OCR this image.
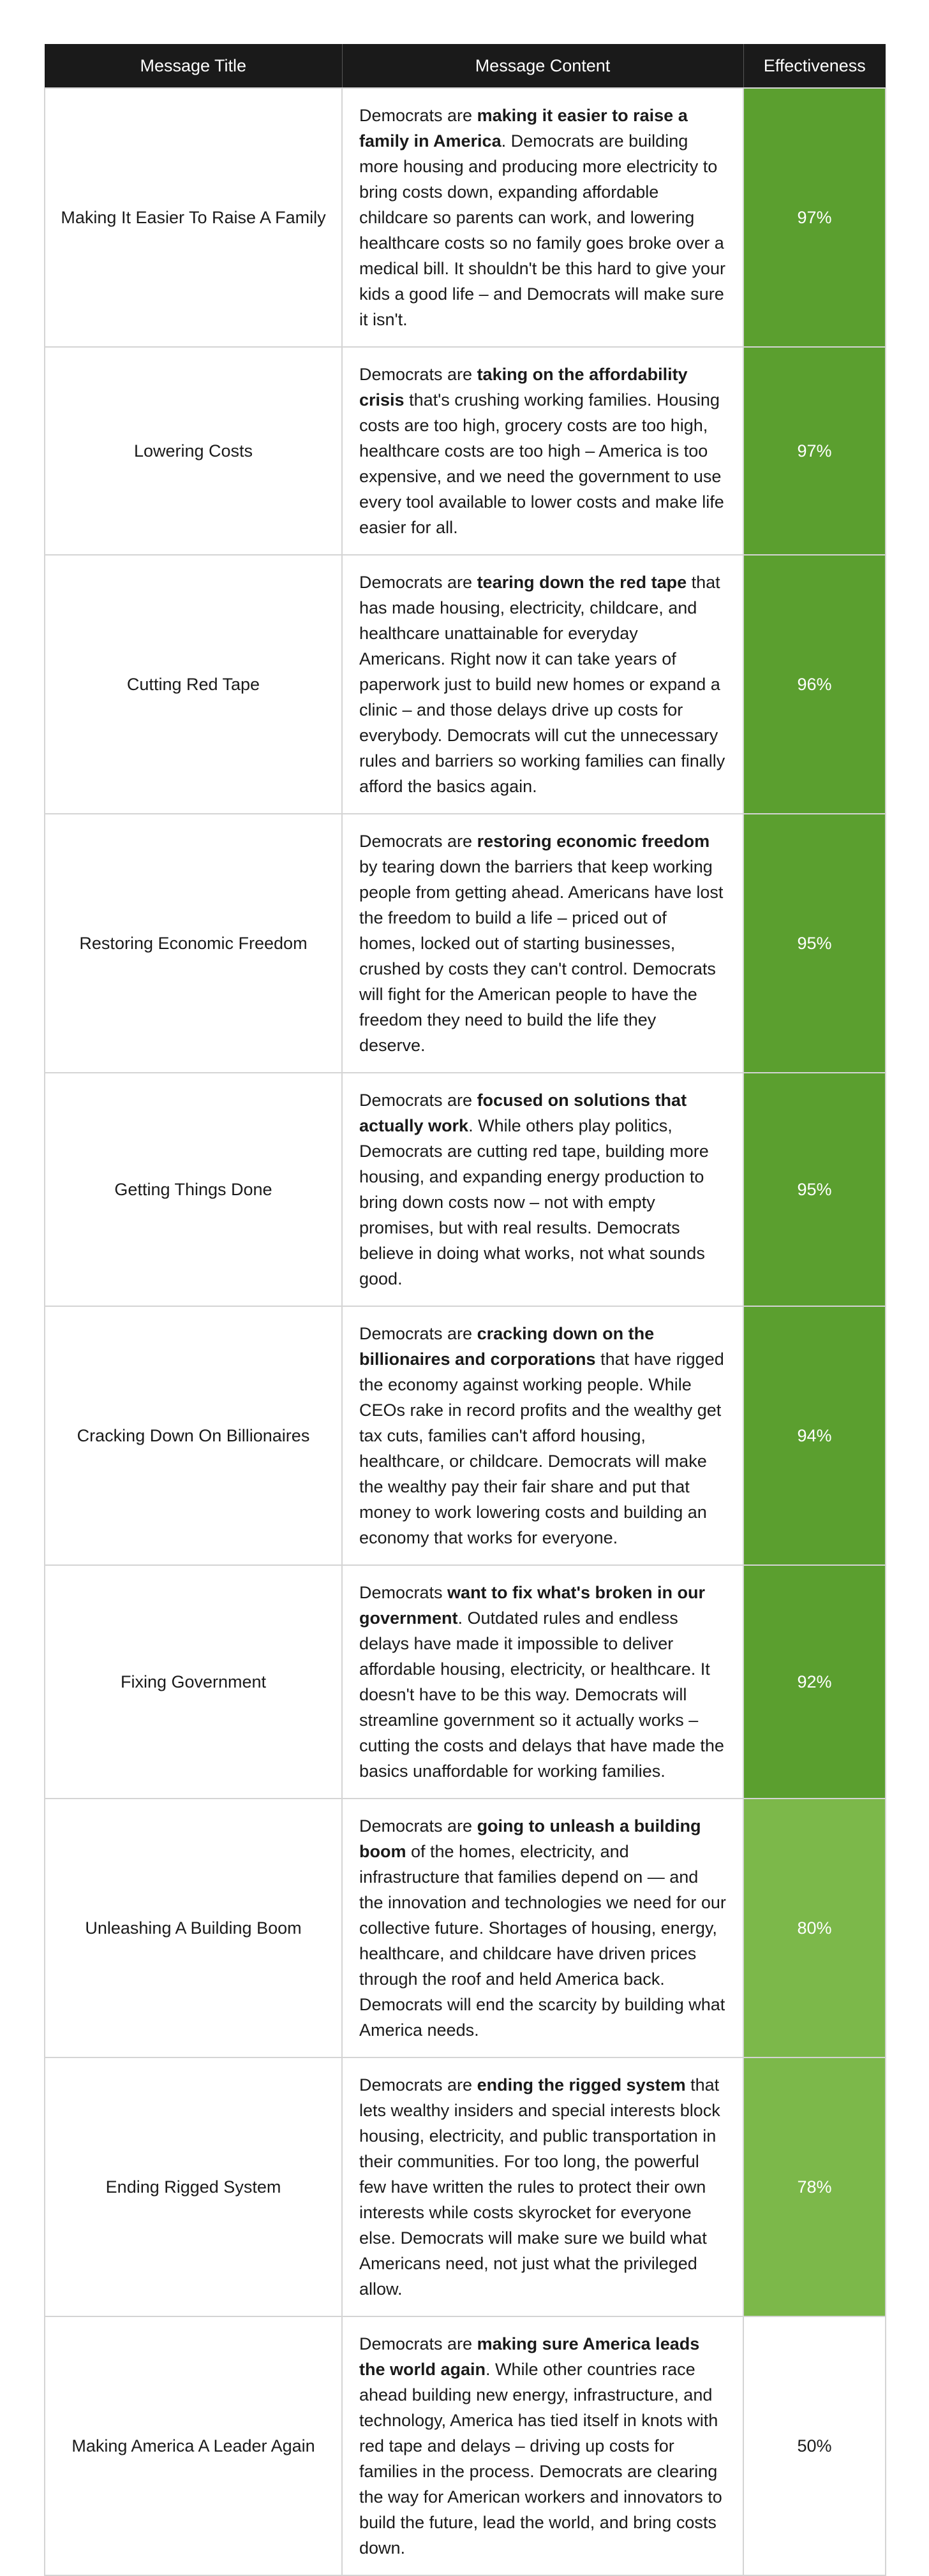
Message Title	Message Content	Effectiveness
Making It Easier To Raise A Family	Democrats are making it easier to raise a family in America. Democrats are building more housing and producing more electricity to bring costs down, expanding affordable childcare so parents can work, and lowering healthcare costs so no family goes broke over a medical bill. It shouldn't be this hard to give your kids a good life – and Democrats will make sure it isn't.	97%
Lowering Costs	Democrats are taking on the affordability crisis that's crushing working families. Housing costs are too high, grocery costs are too high, healthcare costs are too high – America is too expensive, and we need the government to use every tool available to lower costs and make life easier for all.	97%
Cutting Red Tape	Democrats are tearing down the red tape that has made housing, electricity, childcare, and healthcare unattainable for everyday Americans. Right now it can take years of paperwork just to build new homes or expand a clinic – and those delays drive up costs for everybody. Democrats will cut the unnecessary rules and barriers so working families can finally afford the basics again.	96%
Restoring Economic Freedom	Democrats are restoring economic freedom by tearing down the barriers that keep working people from getting ahead. Americans have lost the freedom to build a life – priced out of homes, locked out of starting businesses, crushed by costs they can't control. Democrats will fight for the American people to have the freedom they need to build the life they deserve.	95%
Getting Things Done	Democrats are focused on solutions that actually work. While others play politics, Democrats are cutting red tape, building more housing, and expanding energy production to bring down costs now – not with empty promises, but with real results. Democrats believe in doing what works, not what sounds good.	95%
Cracking Down On Billionaires	Democrats are cracking down on the billionaires and corporations that have rigged the economy against working people. While CEOs rake in record profits and the wealthy get tax cuts, families can't afford housing, healthcare, or childcare. Democrats will make the wealthy pay their fair share and put that money to work lowering costs and building an economy that works for everyone.	94%
Fixing Government	Democrats want to fix what's broken in our government. Outdated rules and endless delays have made it impossible to deliver affordable housing, electricity, or healthcare. It doesn't have to be this way. Democrats will streamline government so it actually works – cutting the costs and delays that have made the basics unaffordable for working families.	92%
Unleashing A Building Boom	Democrats are going to unleash a building boom of the homes, electricity, and infrastructure that families depend on — and the innovation and technologies we need for our collective future. Shortages of housing, energy, healthcare, and childcare have driven prices through the roof and held America back. Democrats will end the scarcity by building what America needs.	80%
Ending Rigged System	Democrats are ending the rigged system that lets wealthy insiders and special interests block housing, electricity, and public transportation in their communities. For too long, the powerful few have written the rules to protect their own interests while costs skyrocket for everyone else. Democrats will make sure we build what Americans need, not just what the privileged allow.	78%
Making America A Leader Again	Democrats are making sure America leads the world again. While other countries race ahead building new energy, infrastructure, and technology, America has tied itself in knots with red tape and delays – driving up costs for families in the process. Democrats are clearing the way for American workers and innovators to build the future, lead the world, and bring costs down.	50%
